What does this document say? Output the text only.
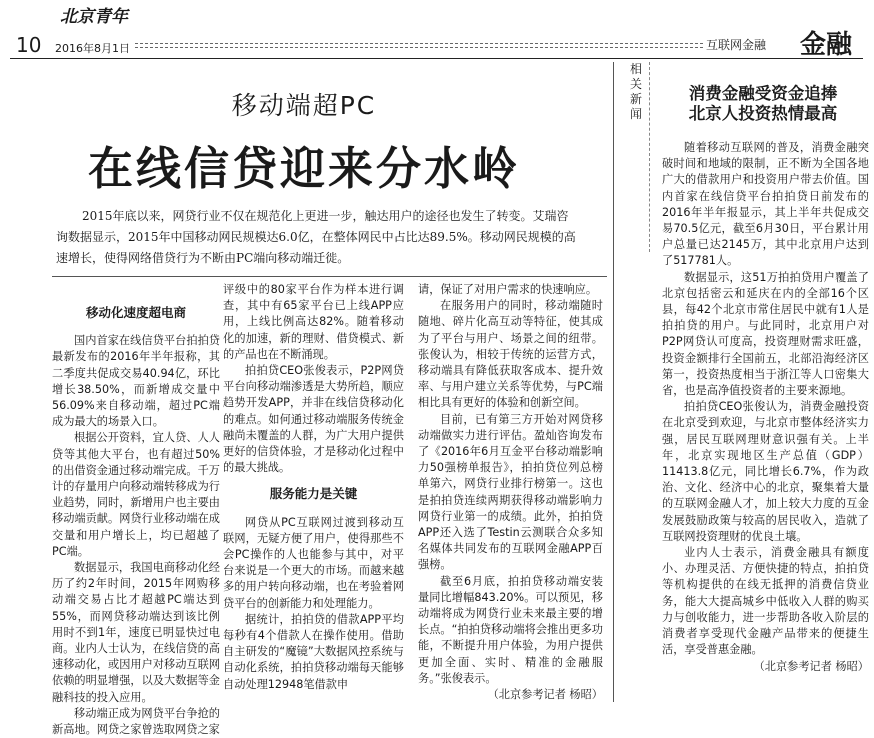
北京青年
10 2016年8月1日	互联网金融 金融
移动端超PC
在线信贷迎来分水岭

2015年底以来，网贷行业不仅在规范化上更进一步，触达用户的途径也发生了转变。艾瑞咨询数据显示，2015年中国移动网民规模达6.0亿，在整体网民中占比达89.5%。移动网民规模的高速增长，使得网络借贷行为不断由PC端向移动端迁徙。

移动化速度超电商

国内首家在线信贷平台拍拍贷最新发布的2016年半年报称，其二季度共促成交易40.94亿，环比增长38.50%，而新增成交量中56.09%来自移动端，超过PC端成为最大的场景入口。

根据公开资料，宜人贷、人人贷等其他大平台，也有超过50%的出借资金通过移动端完成。千万计的存量用户向移动端转移成为行业趋势，同时，新增用户也主要由移动端贡献。网贷行业移动端在成交量和用户增长上，均已超越了PC端。

数据显示，我国电商移动化经历了约2年时间，2015年网购移动端交易占比才超越PC端达到55%，而网贷移动端达到该比例用时不到1年，速度已明显快过电商。业内人士认为，在线信贷的高速移动化，或因用户对移动互联网依赖的明显增强，以及大数据等金融科技的投入应用。

移动端正成为网贷平台争抢的新高地。网贷之家曾选取网贷之家

评级中的80家平台作为样本进行调查，其中有65家平台已上线APP应用，上线比例高达82%。随着移动化的加速，新的理财、借贷模式、新的产品也在不断涌现。

拍拍贷CEO张俊表示，P2P网贷平台向移动端渗透是大势所趋，顺应趋势开发APP，并非在线信贷移动化的难点。如何通过移动端服务传统金融尚未覆盖的人群，为广大用户提供更好的信贷体验，才是移动化过程中的最大挑战。

服务能力是关键

网贷从PC互联网过渡到移动互联网，无疑方便了用户，使得那些不会PC操作的人也能参与其中，对平台来说是一个更大的市场。而越来越多的用户转向移动端，也在考验着网贷平台的创新能力和处理能力。

据统计，拍拍贷的借款APP平均每秒有4个借款人在操作使用。借助自主研发的“魔镜”大数据风控系统与自动化系统，拍拍贷移动端每天能够自动处理12948笔借款申

请，保证了对用户需求的快速响应。

在服务用户的同时，移动端随时随地、碎片化高互动等特征，使其成为了平台与用户、场景之间的纽带。张俊认为，相较于传统的运营方式，移动端具有降低获取客成本、提升效率、与用户建立关系等优势，与PC端相比具有更好的体验和创新空间。

目前，已有第三方开始对网贷移动端做实力进行评估。盈灿咨询发布了《2016年6月互金平台移动端影响力50强榜单报告》，拍拍贷位列总榜单第六，网贷行业排行榜第一。这也是拍拍贷连续两期获得移动端影响力网贷行业第一的成绩。此外，拍拍贷APP还入选了Testin云测联合众多知名媒体共同发布的互联网金融APP百强榜。

截至6月底，拍拍贷移动端安装量同比增幅843.20%。可以预见，移动端将成为网贷行业未来最主要的增长点。“拍拍贷移动端将会推出更多功能，不断提升用户体验，为用户提供更加全面、实时、精准的金融服务。”张俊表示。

（北京参考记者 杨昭）

相关新闻
消费金融受资金追捧
北京人投资热情最高

随着移动互联网的普及，消费金融突破时间和地域的限制，正不断为全国各地广大的借款用户和投资用户带去价值。国内首家在线信贷平台拍拍贷日前发布的2016年半年报显示，其上半年共促成交易70.5亿元，截至6月30日，平台累计用户总量已达2145万，其中北京用户达到了517781人。

数据显示，这51万拍拍贷用户覆盖了北京包括密云和延庆在内的全部16个区县，每42个北京市常住居民中就有1人是拍拍贷的用户。与此同时，北京用户对P2P网贷认可度高，投资理财需求旺盛，投资金额排行全国前五，北部沿海经济区第一，投资热度相当于浙江等人口密集大省，也是高净值投资者的主要来源地。

拍拍贷CEO张俊认为，消费金融投资在北京受到欢迎，与北京市整体经济实力强，居民互联网理财意识强有关。上半年，北京实现地区生产总值（GDP）11413.8亿元，同比增长6.7%，作为政治、文化、经济中心的北京，聚集着大量的互联网金融人才，加上较大力度的互金发展鼓励政策与较高的居民收入，造就了互联网投资理财的优良土壤。

业内人士表示，消费金融具有额度小、办理灵活、方便快捷的特点，拍拍贷等机构提供的在线无抵押的消费信贷业务，能大大提高城乡中低收入人群的购买力与创收能力，进一步帮助各收入阶层的消费者享受现代金融产品带来的便捷生活，享受普惠金融。

（北京参考记者 杨昭）
